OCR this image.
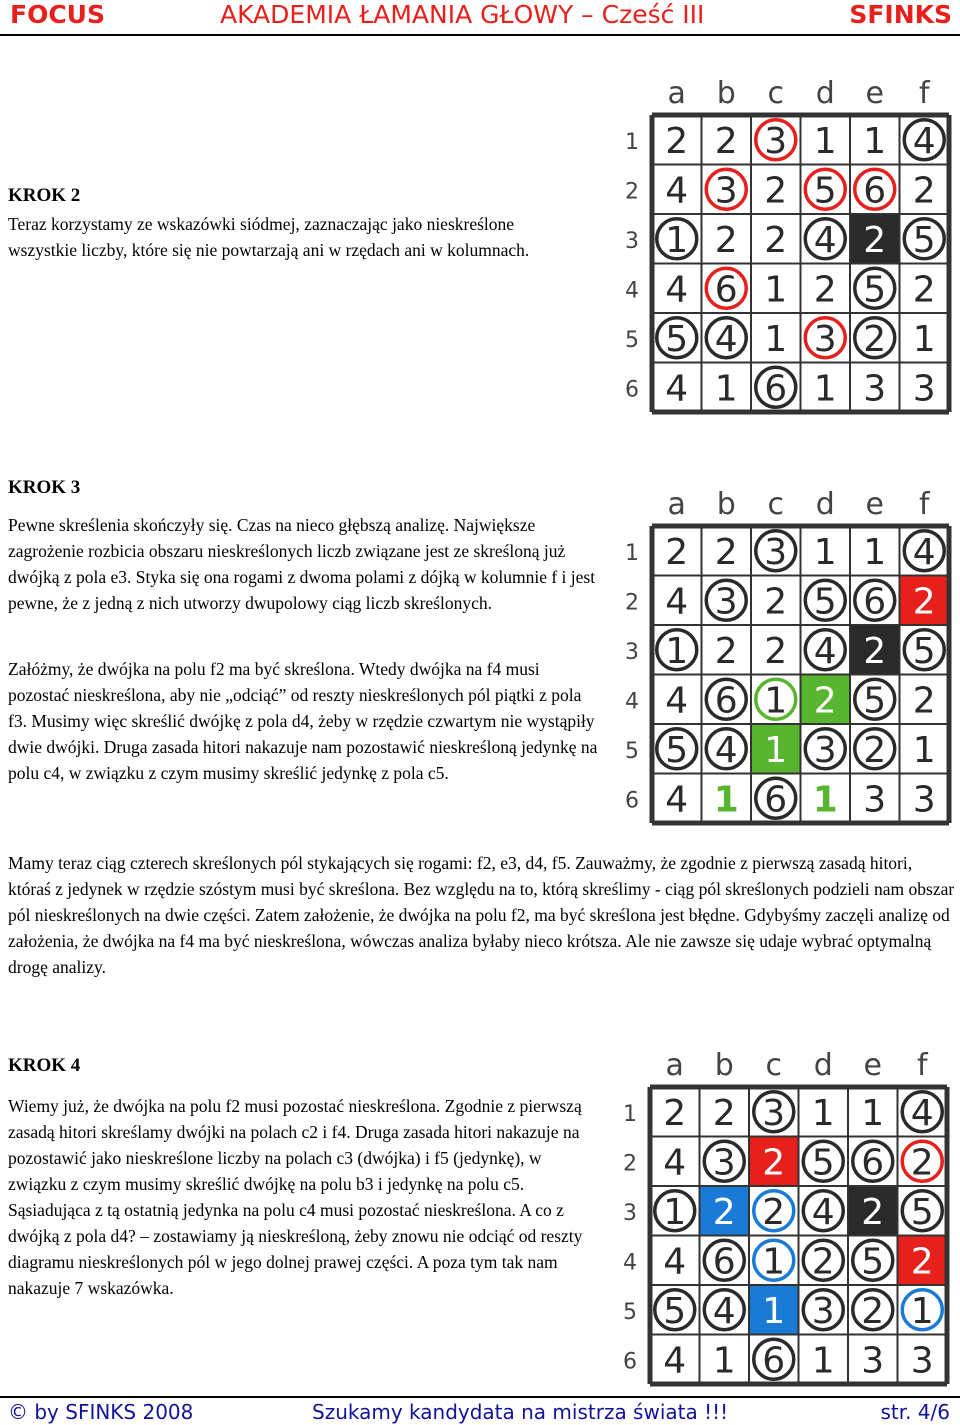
FOCUS	AKADEMIA ŁAMANIA GŁOWY – Cześć III	SFINKS
KROK 2

Teraz korzystamy ze wskazówki siódmej, zaznaczając jako nieskreślone wszystkie liczby, które się nie powtarzają ani w rzędach ani w kolumnach.

a b c d e f
1
2
3
4
5
6
2 2 3 1 1 4
4 3 2 5 6 2
1 2 2 4 2 5
4 6 1 2 5 2
5 4 1 3 2 1
4 1 6 1 3 3
KROK 3

Pewne skreślenia skończyły się. Czas na nieco głębszą analizę. Największe zagrożenie rozbicia obszaru nieskreślonych liczb związane jest ze skreśloną już dwójką z pola e3. Styka się ona rogami z dwoma polami z dójką w kolumnie f i jest pewne, że z jedną z nich utworzy dwupolowy ciąg liczb skreślonych.

Załóżmy, że dwójka na polu f2 ma być skreślona. Wtedy dwójka na f4 musi pozostać nieskreślona, aby nie „odciąć” od reszty nieskreślonych pól piątki z pola f3. Musimy więc skreślić dwójkę z pola d4, żeby w rzędzie czwartym nie wystąpiły dwie dwójki. Druga zasada hitori nakazuje nam pozostawić nieskreśloną jedynkę na polu c4, w związku z czym musimy skreślić jedynkę z pola c5.

a b c d e f
1
2
3
4
5
6
2 2 3 1 1 4
4 3 2 5 6 2
1 2 2 4 2 5
4 6 1 2 5 2
5 4 1 3 2 1
4 1 6 1 3 3

Mamy teraz ciąg czterech skreślonych pól stykających się rogami: f2, e3, d4, f5. Zauważmy, że zgodnie z pierwszą zasadą hitori, któraś z jedynek w rzędzie szóstym musi być skreślona. Bez względu na to, którą skreślimy - ciąg pól skreślonych podzieli nam obszar pól nieskreślonych na dwie części. Zatem założenie, że dwójka na polu f2, ma być skreślona jest błędne. Gdybyśmy zaczęli analizę od założenia, że dwójka na f4 ma być nieskreślona, wówczas analiza byłaby nieco krótsza. Ale nie zawsze się udaje wybrać optymalną drogę analizy.

KROK 4

Wiemy już, że dwójka na polu f2 musi pozostać nieskreślona. Zgodnie z pierwszą zasadą hitori skreślamy dwójki na polach c2 i f4. Druga zasada hitori nakazuje na pozostawić jako nieskreślone liczby na polach c3 (dwójka) i f5 (jedynkę), w związku z czym musimy skreślić dwójkę na polu b3 i jedynkę na polu c5. Sąsiadująca z tą ostatnią jedynka na polu c4 musi pozostać nieskreślona. A co z dwójką z pola d4? – zostawiamy ją nieskreśloną, żeby znowu nie odciąć od reszty diagramu nieskreślonych pól w jego dolnej prawej części. A poza tym tak nam nakazuje 7 wskazówka.

a b c d e f
1
2
3
4
5
6
2 2 3 1 1 4
4 3 2 5 6 2
1 2 2 4 2 5
4 6 1 2 5 2
5 4 1 3 2 1
4 1 6 1 3 3
© by SFINKS 2008	Szukamy kandydata na mistrza świata !!!	str. 4/6
